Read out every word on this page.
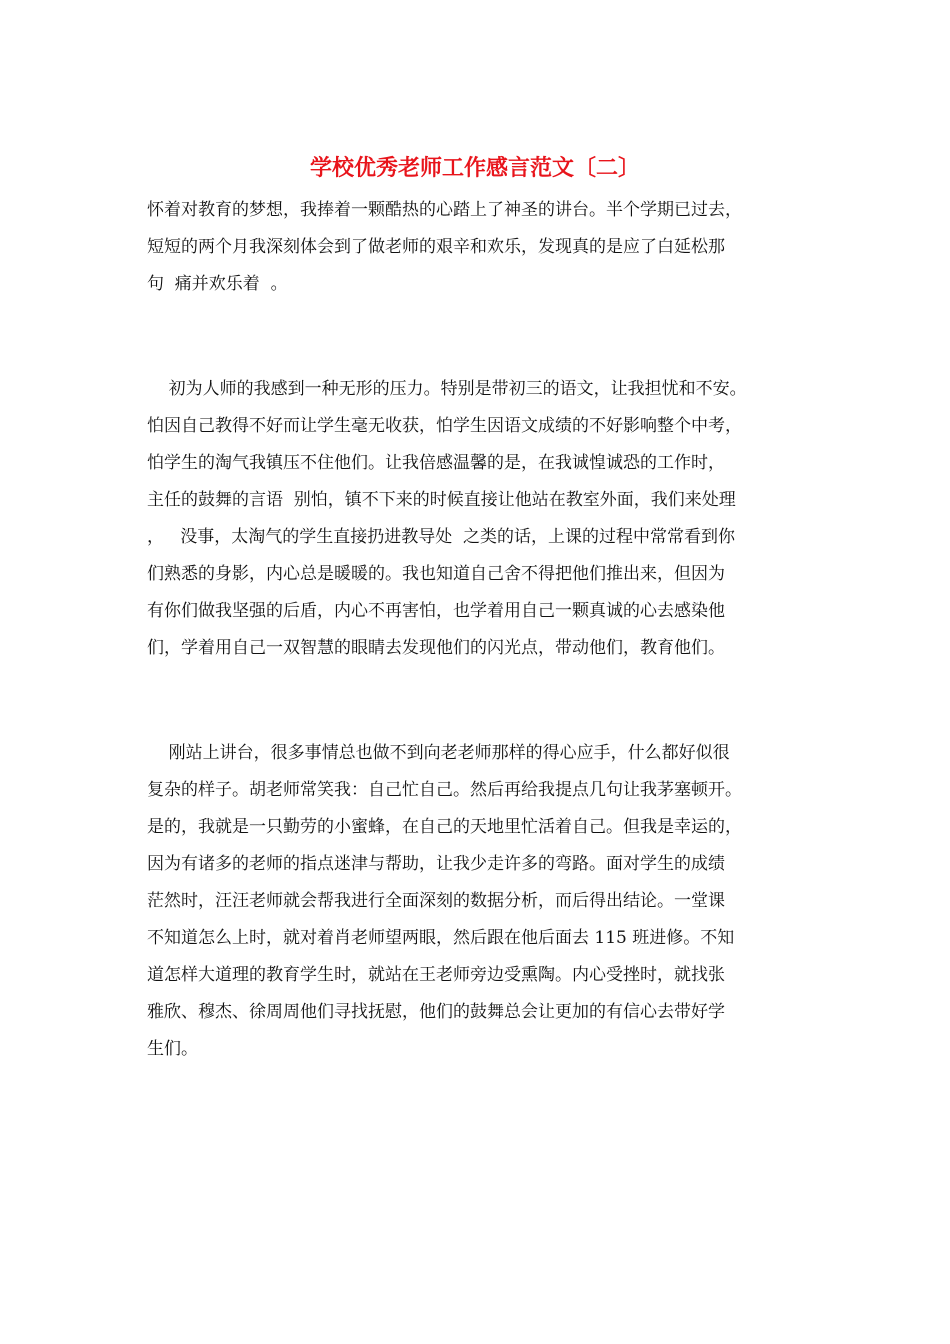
学校优秀老师工作感言范文〔二〕
怀着对教育的梦想，我捧着一颗酷热的心踏上了神圣的讲台。半个学期已过去，
短短的两个月我深刻体会到了做老师的艰辛和欢乐，发现真的是应了白延松那
句  痛并欢乐着  。
初为人师的我感到一种无形的压力。特别是带初三的语文，让我担忧和不安。
怕因自己教得不好而让学生毫无收获，怕学生因语文成绩的不好影响整个中考，
怕学生的淘气我镇压不住他们。让我倍感温馨的是，在我诚惶诚恐的工作时，
主任的鼓舞的言语  别怕，镇不下来的时候直接让他站在教室外面，我们来处理
，   没事，太淘气的学生直接扔进教导处  之类的话，上课的过程中常常看到你
们熟悉的身影，内心总是暖暖的。我也知道自己舍不得把他们推出来，但因为
有你们做我坚强的后盾，内心不再害怕，也学着用自己一颗真诚的心去感染他
们，学着用自己一双智慧的眼睛去发现他们的闪光点，带动他们，教育他们。
刚站上讲台，很多事情总也做不到向老老师那样的得心应手，什么都好似很
复杂的样子。胡老师常笑我：自己忙自己。然后再给我提点几句让我茅塞顿开。
是的，我就是一只勤劳的小蜜蜂，在自己的天地里忙活着自己。但我是幸运的，
因为有诸多的老师的指点迷津与帮助，让我少走许多的弯路。面对学生的成绩
茫然时，汪汪老师就会帮我进行全面深刻的数据分析，而后得出结论。一堂课
不知道怎么上时，就对着肖老师望两眼，然后跟在他后面去 115 班进修。不知
道怎样大道理的教育学生时，就站在王老师旁边受熏陶。内心受挫时，就找张
雅欣、穆杰、徐周周他们寻找抚慰，他们的鼓舞总会让更加的有信心去带好学
生们。
